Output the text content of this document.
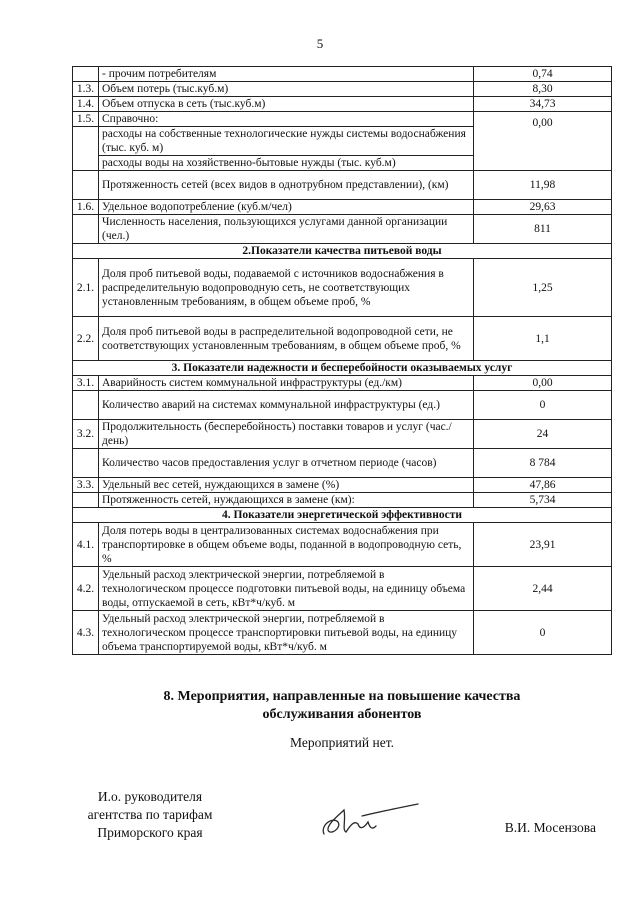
5
	- прочим потребителям	0,74
1.3.	Объем потерь (тыс.куб.м)	8,30
1.4.	Объем отпуска в сеть (тыс.куб.м)	34,73
1.5.	Справочно:	0,00
	расходы на собственные технологические нужды системы водоснабжения (тыс. куб. м)	
	расходы воды на хозяйственно-бытовые нужды (тыс. куб.м)	
	Протяженность сетей (всех видов в однотрубном представлении), (км)	11,98
1.6.	Удельное водопотребление (куб.м/чел)	29,63
	Численность населения, пользующихся услугами данной организации (чел.)	811
2.Показатели качества питьевой воды		
2.1.	Доля проб питьевой воды, подаваемой с источников водоснабжения в распределительную водопроводную сеть, не соответствующих установленным требованиям, в общем объеме проб, %	1,25
2.2.	Доля проб питьевой воды в распределительной водопроводной сети, не соответствующих установленным требованиям, в общем объеме проб, %	1,1
3. Показатели надежности и бесперебойности оказываемых услуг		
3.1.	Аварийность систем коммунальной инфраструктуры (ед./км)	0,00
	Количество аварий на системах коммунальной инфраструктуры (ед.)	0
3.2.	Продолжительность (бесперебойность) поставки товаров и услуг (час./день)	24
	Количество часов предоставления услуг в отчетном периоде (часов)	8 784
3.3.	Удельный вес сетей, нуждающихся в замене (%)	47,86
	Протяженность сетей, нуждающихся в замене (км):	5,734
4. Показатели энергетической эффективности		
4.1.	Доля потерь воды в централизованных системах водоснабжения при транспортировке в общем объеме воды, поданной в водопроводную сеть, %	23,91
4.2.	Удельный расход электрической энергии, потребляемой в технологическом процессе подготовки питьевой воды, на единицу объема воды, отпускаемой в сеть, кВт*ч/куб. м	2,44
4.3.	Удельный расход электрической энергии, потребляемой в технологическом процессе транспортировки питьевой воды, на единицу объема транспортируемой воды, кВт*ч/куб. м	0
8. Мероприятия, направленные на повышение качества
обслуживания абонентов
Мероприятий нет.
И.о. руководителя
агентства по тарифам
Приморского края	В.И. Мосензова
